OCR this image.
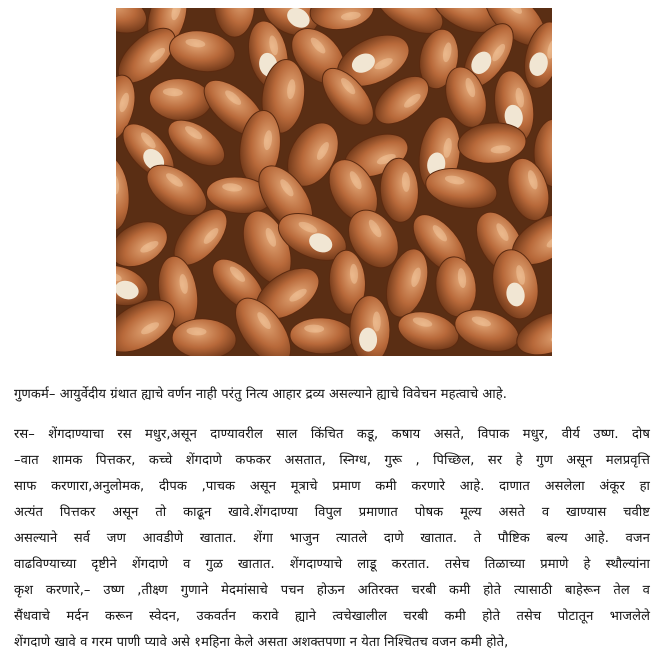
गुणकर्म– आयुर्वेदीय ग्रंथात ह्याचे वर्णन नाही परंतु नित्य आहार द्रव्य असल्याने ह्याचे विवेचन महत्वाचे आहे.
रस– शेंगदाण्याचा रस मधुर,असून दाण्यावरील साल किंचित कडू, कषाय असते, विपाक मधुर, वीर्य उष्ण. दोष
–वात शामक पित्तकर, कच्चे शेंगदाणे कफकर असतात, स्निग्ध, गुरू , पिच्छिल, सर हे गुण असून मलप्रवृत्ति
साफ करणारा,अनुलोमक, दीपक ,पाचक असून मूत्राचे प्रमाण कमी करणारे आहे. दाणात असलेला अंकूर हा
अत्यंत पित्तकर असून तो काढून खावे.शेंगदाण्या विपुल प्रमाणात पोषक मूल्य असते व खाण्यास चवीष्ट
असल्याने सर्व जण आवडीणे खातात. शेंगा भाजुन त्यातले दाणे खातात. ते पौष्टिक बल्य आहे. वजन
वाढविण्याच्या दृष्टीने शेंगदाणे व गुळ खातात. शेंगदाण्याचे लाडू करतात. तसेच तिळाच्या प्रमाणे हे स्थौल्यांना
कृश करणारे,– उष्ण ,तीक्ष्ण गुणाने मेदमांसाचे पचन होऊन अतिरक्त चरबी कमी होते त्यासाठी बाहेरून तेल व
सैंधवाचे मर्दन करून स्वेदन, उकवर्तन करावे ह्याने त्वचेखालील चरबी कमी होते तसेच पोटातून भाजलेले
शेंगदाणे खावे व गरम पाणी प्यावे असे १महिना केले असता अशक्तपणा न येता निश्चितच वजन कमी होते,
